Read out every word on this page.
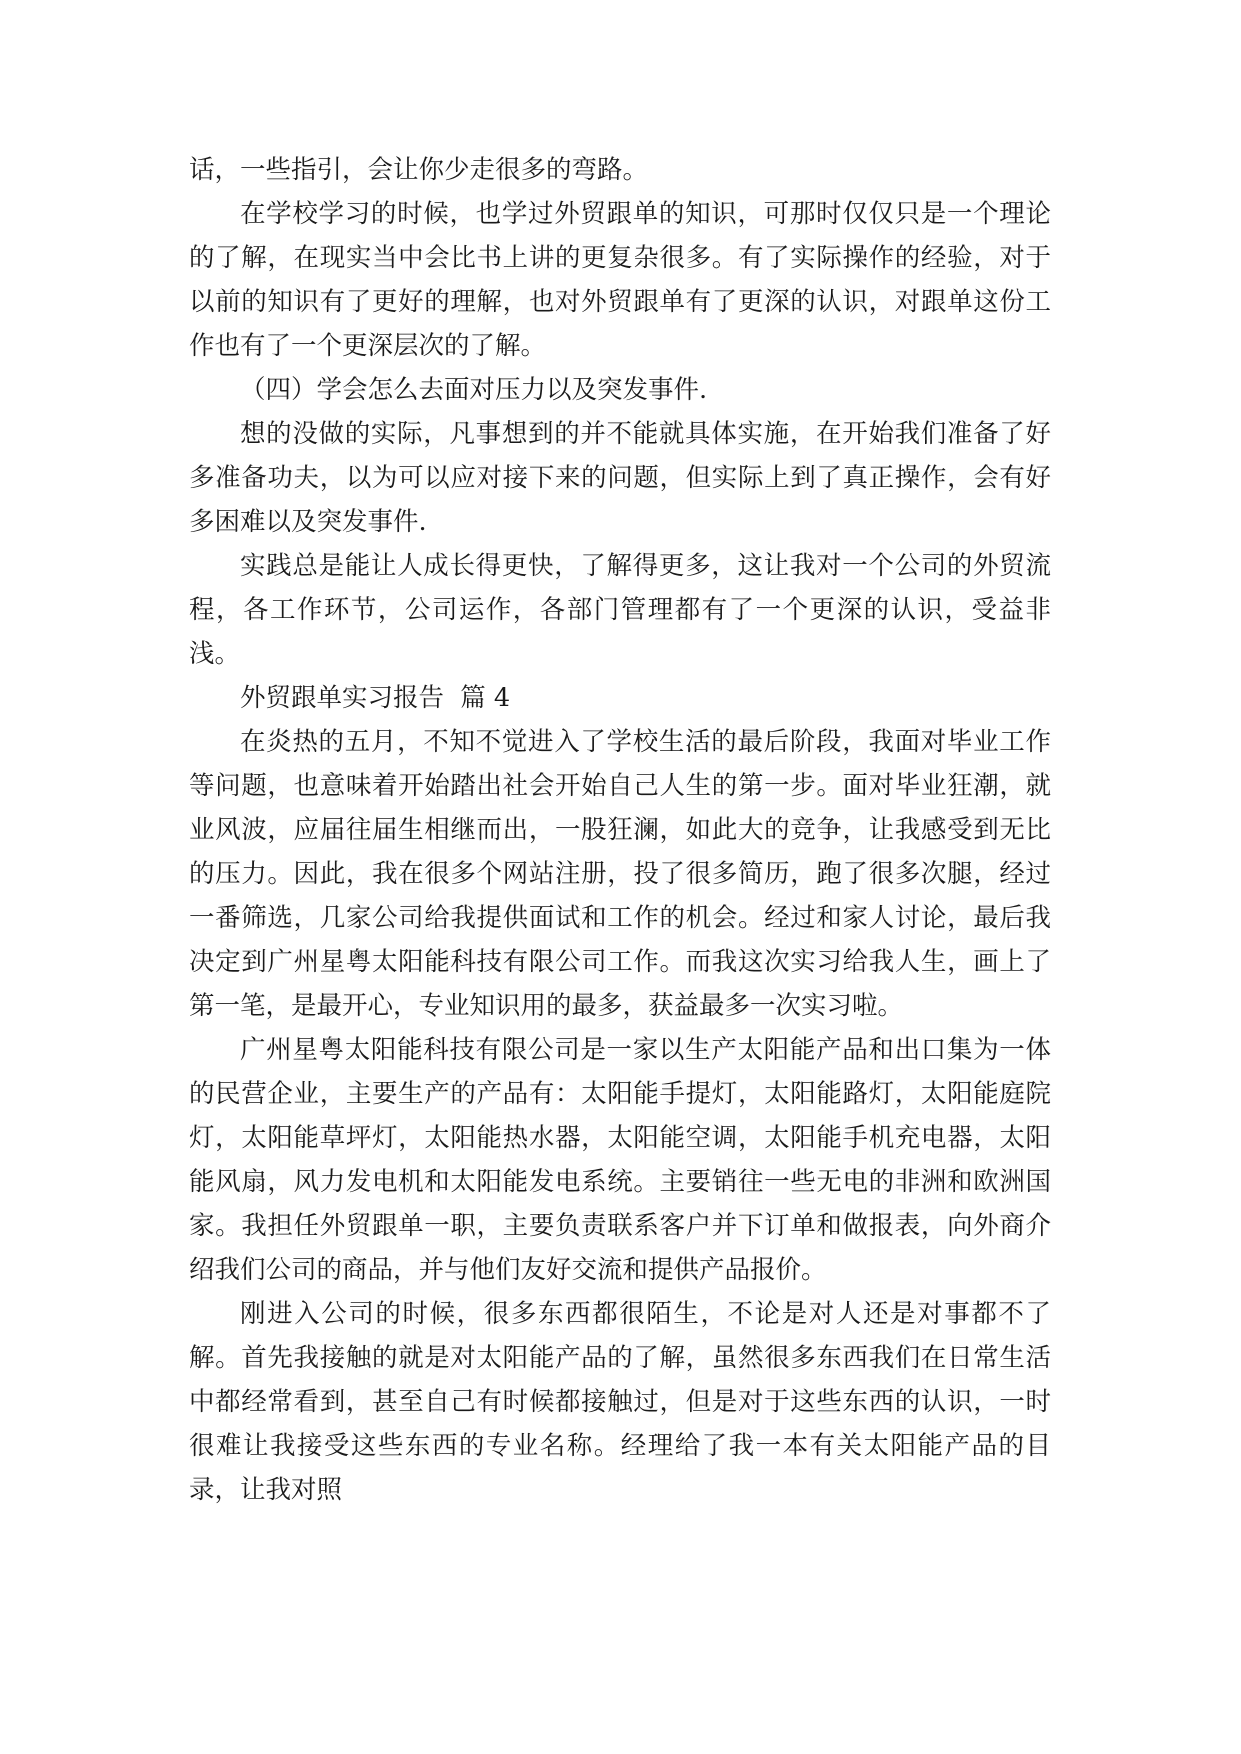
话，一些指引，会让你少走很多的弯路。

在学校学习的时候，也学过外贸跟单的知识，可那时仅仅只是一个理论的了解，在现实当中会比书上讲的更复杂很多。有了实际操作的经验，对于以前的知识有了更好的理解，也对外贸跟单有了更深的认识，对跟单这份工作也有了一个更深层次的了解。

（四）学会怎么去面对压力以及突发事件.

想的没做的实际，凡事想到的并不能就具体实施，在开始我们准备了好多准备功夫，以为可以应对接下来的问题，但实际上到了真正操作，会有好多困难以及突发事件.

实践总是能让人成长得更快，了解得更多，这让我对一个公司的外贸流程，各工作环节，公司运作，各部门管理都有了一个更深的认识，受益非浅。

外贸跟单实习报告  篇 4

在炎热的五月，不知不觉进入了学校生活的最后阶段，我面对毕业工作等问题，也意味着开始踏出社会开始自己人生的第一步。面对毕业狂潮，就业风波，应届往届生相继而出，一股狂澜，如此大的竞争，让我感受到无比的压力。因此，我在很多个网站注册，投了很多简历，跑了很多次腿，经过一番筛选，几家公司给我提供面试和工作的机会。经过和家人讨论，最后我决定到广州星粤太阳能科技有限公司工作。而我这次实习给我人生，画上了第一笔，是最开心，专业知识用的最多，获益最多一次实习啦。

广州星粤太阳能科技有限公司是一家以生产太阳能产品和出口集为一体的民营企业，主要生产的产品有：太阳能手提灯，太阳能路灯，太阳能庭院灯，太阳能草坪灯，太阳能热水器，太阳能空调，太阳能手机充电器，太阳能风扇，风力发电机和太阳能发电系统。主要销往一些无电的非洲和欧洲国家。我担任外贸跟单一职，主要负责联系客户并下订单和做报表，向外商介绍我们公司的商品，并与他们友好交流和提供产品报价。

刚进入公司的时候，很多东西都很陌生，不论是对人还是对事都不了解。首先我接触的就是对太阳能产品的了解，虽然很多东西我们在日常生活中都经常看到，甚至自己有时候都接触过，但是对于这些东西的认识，一时很难让我接受这些东西的专业名称。经理给了我一本有关太阳能产品的目录，让我对照
